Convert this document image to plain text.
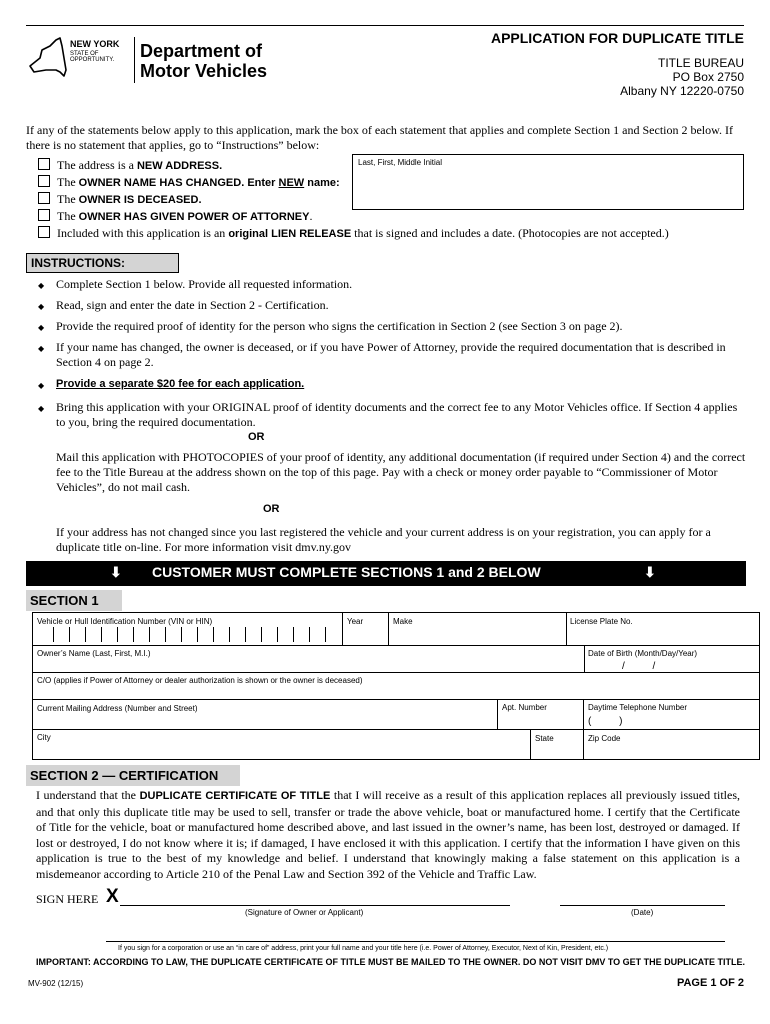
NEW YORK
STATE OF
OPPORTUNITY. Department of
Motor Vehicles
APPLICATION FOR DUPLICATE TITLE
TITLE BUREAU
PO Box 2750
Albany NY 12220-0750
If any of the statements below apply to this application, mark the box of each statement that applies and complete Section 1 and Section 2 below. If there is no statement that applies, go to “Instructions” below:
The address is a NEW ADDRESS.
The OWNER NAME HAS CHANGED. Enter NEW name:
The OWNER IS DECEASED.
The OWNER HAS GIVEN POWER OF ATTORNEY.
Included with this application is an original LIEN RELEASE that is signed and includes a date. (Photocopies are not accepted.)
Last, First, Middle Initial
INSTRUCTIONS:
◆ Complete Section 1 below. Provide all requested information.
◆ Read, sign and enter the date in Section 2 - Certification.
◆ Provide the required proof of identity for the person who signs the certification in Section 2 (see Section 3 on page 2).
◆ If your name has changed, the owner is deceased, or if you have Power of Attorney, provide the required documentation that is described in Section 4 on page 2.
◆ Provide a separate $20 fee for each application.
◆ Bring this application with your ORIGINAL proof of identity documents and the correct fee to any Motor Vehicles office. If Section 4 applies to you, bring the required documentation.
OR
Mail this application with PHOTOCOPIES of your proof of identity, any additional documentation (if required under Section 4) and the correct fee to the Title Bureau at the address shown on the top of this page. Pay with a check or money order payable to “Commissioner of Motor Vehicles”, do not mail cash.
OR
If your address has not changed since you last registered the vehicle and your current address is on your registration, you can apply for a duplicate title on-line. For more information visit dmv.ny.gov
⬇ CUSTOMER MUST COMPLETE SECTIONS 1 and 2 BELOW	⬇
SECTION 1
Vehicle or Hull Identification Number (VIN or HIN)	Year	Make	License Plate No.
Owner’s Name (Last, First, M.I.)	Date of Birth (Month/Day/Year)
/          /
C/O (applies if Power of Attorney or dealer authorization is shown or the owner is deceased)
Current Mailing Address (Number and Street)	Apt. Number	Daytime Telephone Number
(          )
City	State	Zip Code
SECTION 2 — CERTIFICATION
I understand that the DUPLICATE CERTIFICATE OF TITLE that I will receive as a result of this application replaces all previously issued titles, and that only this duplicate title may be used to sell, transfer or trade the above vehicle, boat or manufactured home. I certify that the Certificate of Title for the vehicle, boat or manufactured home described above, and last issued in the owner’s name, has been lost, destroyed or damaged. If lost or destroyed, I do not know where it is; if damaged, I have enclosed it with this application. I certify that the information I have given on this application is true to the best of my knowledge and belief. I understand that knowingly making a false statement on this application is a misdemeanor according to Article 210 of the Penal Law and Section 392 of the Vehicle and Traffic Law.
SIGN HERE X
(Signature of Owner or Applicant)	(Date)
If you sign for a corporation or use an “in care of” address, print your full name and your title here (i.e. Power of Attorney, Executor, Next of Kin, President, etc.)
IMPORTANT: ACCORDING TO LAW, THE DUPLICATE CERTIFICATE OF TITLE MUST BE MAILED TO THE OWNER. DO NOT VISIT DMV TO GET THE DUPLICATE TITLE.
MV-902 (12/15)	PAGE 1 OF 2
